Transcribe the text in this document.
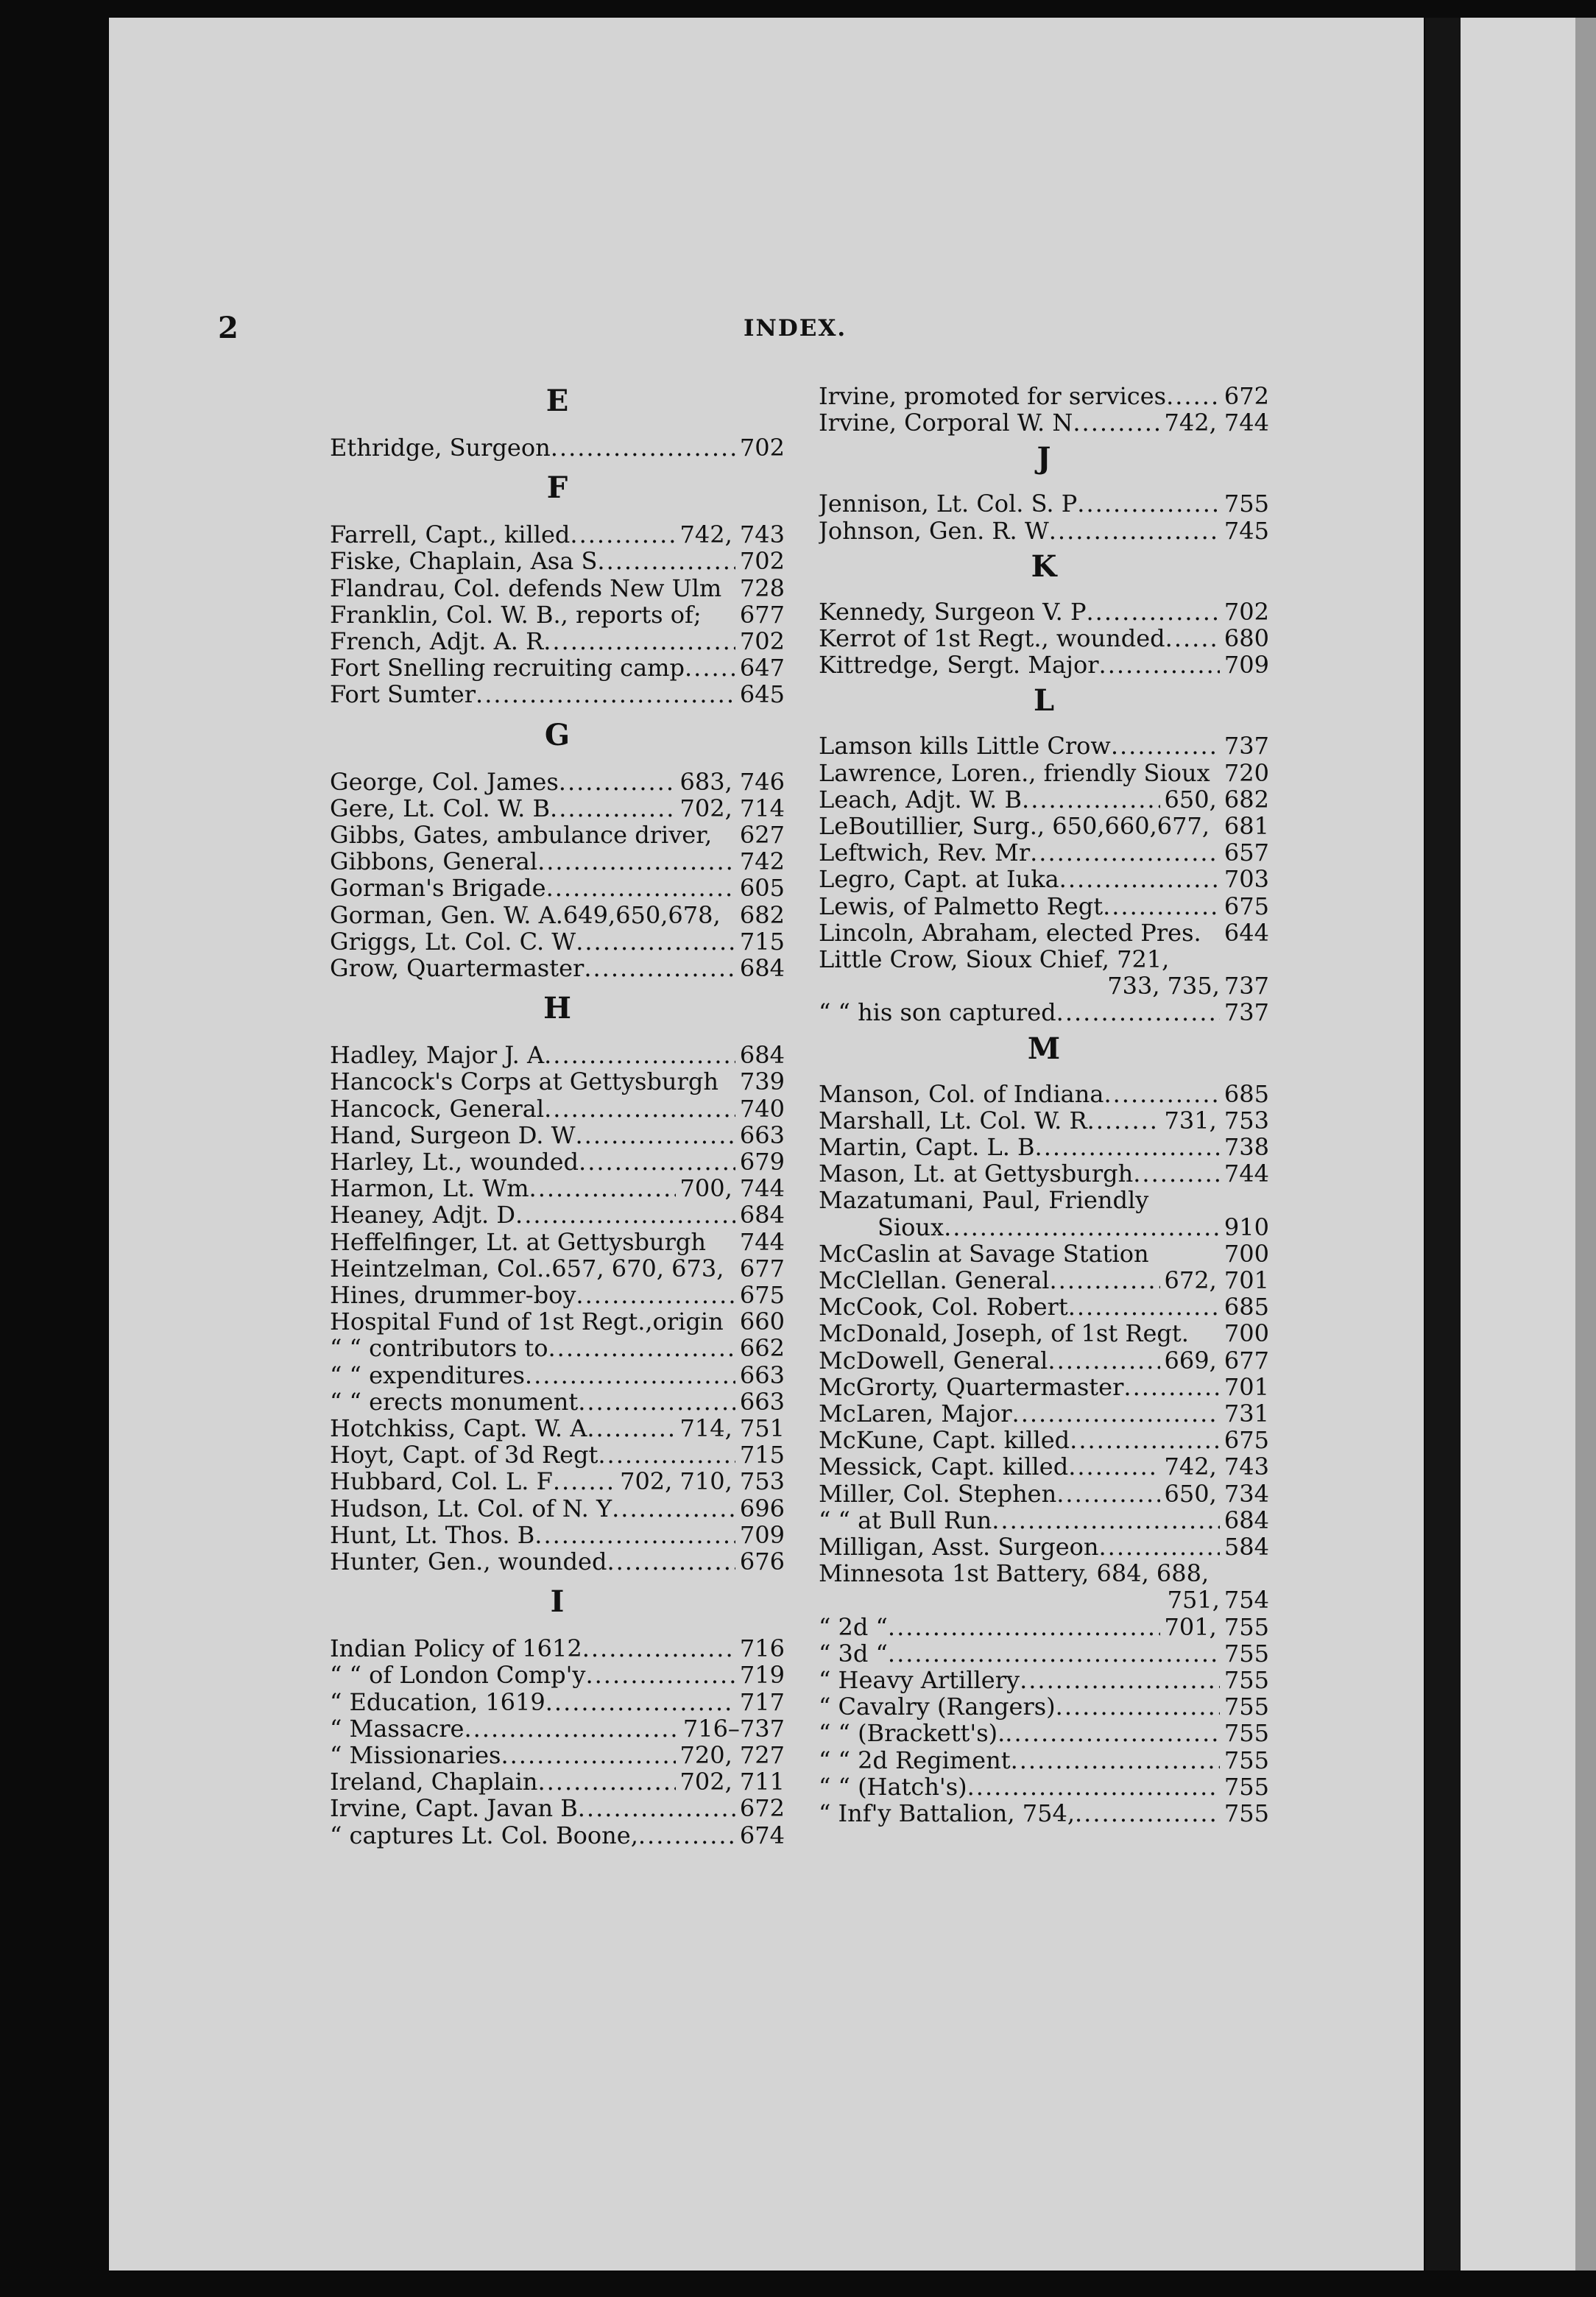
2	INDEX.
E
Ethridge, Surgeon .....	702
F
Farrell, Capt., killed .....	742, 743
Fiske, Chaplain, Asa S .....	702
Flandrau, Col. defends New Ulm 728
Franklin, Col. W. B., reports of; 677
French, Adjt. A. R .....	702
Fort Snelling recruiting camp ..... 647
Fort Sumter .....	645
G
George, Col. James .....	683, 746
Gere, Lt. Col. W. B .....	702, 714
Gibbs, Gates, ambulance driver, 627
Gibbons, General .....	742
Gorman's Brigade .....	605
Gorman, Gen. W. A.649,650,678, 682
Griggs, Lt. Col. C. W .....	715
Grow, Quartermaster .....	684
H
Hadley, Major J. A .....	684
Hancock's Corps at Gettysburgh 739
Hancock, General .....	740
Hand, Surgeon D. W .....	663
Harley, Lt., wounded .....	679
Harmon, Lt. Wm .....	700, 744
Heaney, Adjt. D .....	684
Heffelfinger, Lt. at Gettysburgh 744
Heintzelman, Col..657, 670, 673, 677
Hines, drummer-boy .....	675
Hospital Fund of 1st Regt.,origin 660
“ “ contributors to .....	662
“ “ expenditures .....	663
“ “ erects monument .....	663
Hotchkiss, Capt. W. A .....	714, 751
Hoyt, Capt. of 3d Regt .....	715
Hubbard, Col. L. F .....	702, 710, 753
Hudson, Lt. Col. of N. Y .....	696
Hunt, Lt. Thos. B .....	709
Hunter, Gen., wounded .....	676
I
Indian Policy of 1612 .....	716
“ “ of London Comp'y .....	719
“ Education, 1619 .....	717
“ Massacre .....	716–737
“ Missionaries .....	720, 727
Ireland, Chaplain .....	702, 711
Irvine, Capt. Javan B .....	672
“ captures Lt. Col. Boone, .....	674
Irvine, promoted for services ..... 672
Irvine, Corporal W. N .....	742, 744
J
Jennison, Lt. Col. S. P .....	755
Johnson, Gen. R. W .....	745
K
Kennedy, Surgeon V. P .....	702
Kerrot of 1st Regt., wounded .....	680
Kittredge, Sergt. Major .....	709
L
Lamson kills Little Crow .....	737
Lawrence, Loren., friendly Sioux 720
Leach, Adjt. W. B .....	650, 682
LeBoutillier, Surg., 650,660,677, 681
Leftwich, Rev. Mr .....	657
Legro, Capt. at Iuka .....	703
Lewis, of Palmetto Regt .....	675
Lincoln, Abraham, elected Pres. 644
Little Crow, Sioux Chief, 721,
733, 735, 737
“ “ his son captured .....	737
M
Manson, Col. of Indiana .....	685
Marshall, Lt. Col. W. R .....	731, 753
Martin, Capt. L. B .....	738
Mason, Lt. at Gettysburgh .....	744
Mazatumani, Paul, Friendly
Sioux .....	910
McCaslin at Savage Station	700
McClellan. General .....	672, 701
McCook, Col. Robert .....	685
McDonald, Joseph, of 1st Regt. 700
McDowell, General .....	669, 677
McGrorty, Quartermaster .....	701
McLaren, Major .....	731
McKune, Capt. killed .....	675
Messick, Capt. killed .....	742, 743
Miller, Col. Stephen .....	650, 734
“ “ at Bull Run .....	684
Milligan, Asst. Surgeon .....	584
Minnesota 1st Battery, 684, 688,
751, 754
“ 2d “ .....	701, 755
“ 3d “ .....	755
“ Heavy Artillery .....	755
“ Cavalry (Rangers) .....	755
“ “ (Brackett's). .....	755
“ “ 2d Regiment .....	755
“ “ (Hatch's) .....	755
“ Inf'y Battalion, 754, .....	755
